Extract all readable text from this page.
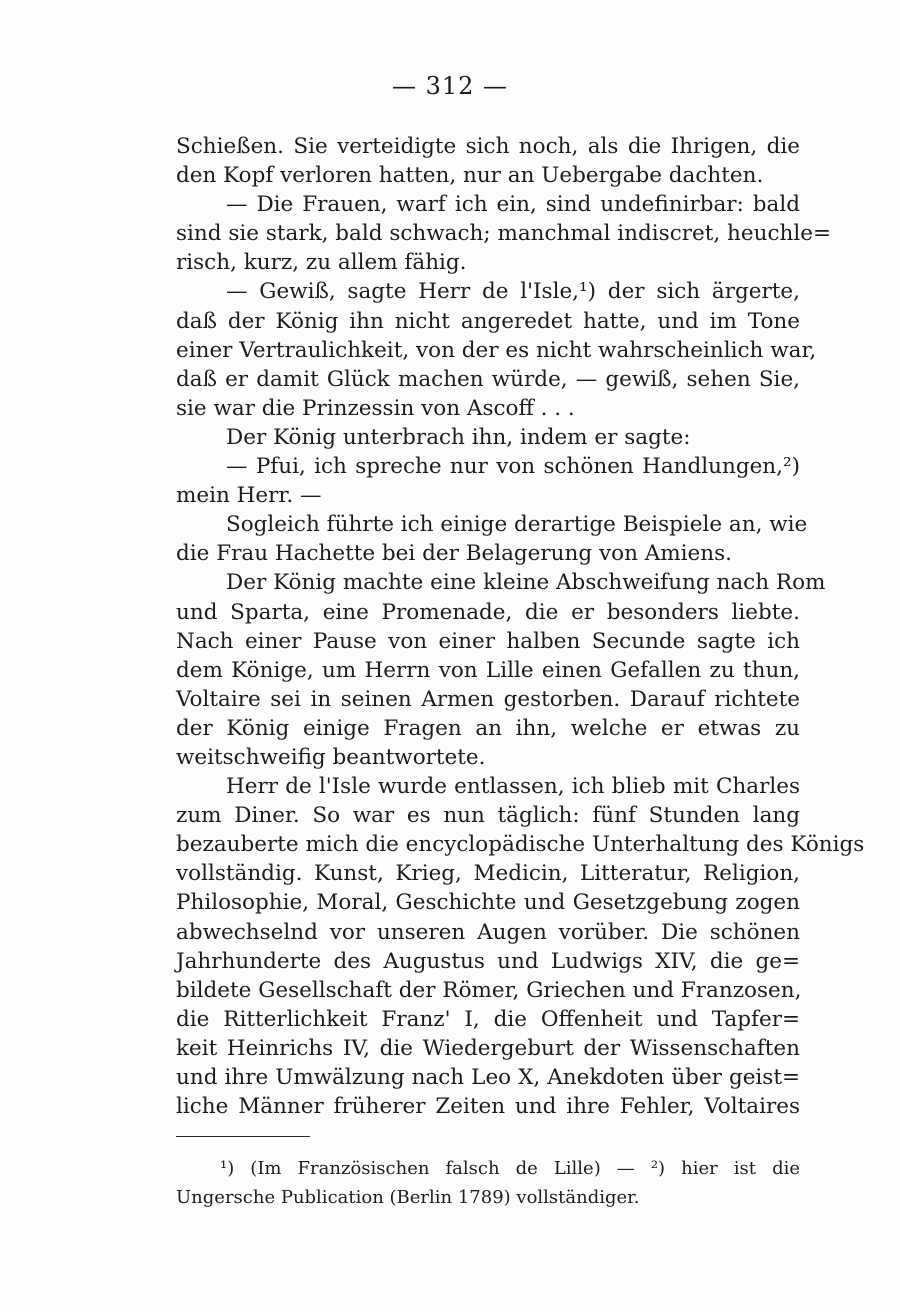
— 312 —
Schießen. Sie verteidigte sich noch, als die Ihrigen, die
den Kopf verloren hatten, nur an Uebergabe dachten.
— Die Frauen, warf ich ein, sind undefinirbar: bald
sind sie stark, bald schwach; manchmal indiscret, heuchle=
risch, kurz, zu allem fähig.
— Gewiß, sagte Herr de l'Isle,¹) der sich ärgerte,
daß der König ihn nicht angeredet hatte, und im Tone
einer Vertraulichkeit, von der es nicht wahrscheinlich war,
daß er damit Glück machen würde, — gewiß, sehen Sie,
sie war die Prinzessin von Ascoff . . .
Der König unterbrach ihn, indem er sagte:
— Pfui, ich spreche nur von schönen Handlungen,²)
mein Herr. —
Sogleich führte ich einige derartige Beispiele an, wie
die Frau Hachette bei der Belagerung von Amiens.
Der König machte eine kleine Abschweifung nach Rom
und Sparta, eine Promenade, die er besonders liebte.
Nach einer Pause von einer halben Secunde sagte ich
dem Könige, um Herrn von Lille einen Gefallen zu thun,
Voltaire sei in seinen Armen gestorben. Darauf richtete
der König einige Fragen an ihn, welche er etwas zu
weitschweifig beantwortete.
Herr de l'Isle wurde entlassen, ich blieb mit Charles
zum Diner. So war es nun täglich: fünf Stunden lang
bezauberte mich die encyclopädische Unterhaltung des Königs
vollständig. Kunst, Krieg, Medicin, Litteratur, Religion,
Philosophie, Moral, Geschichte und Gesetzgebung zogen
abwechselnd vor unseren Augen vorüber. Die schönen
Jahrhunderte des Augustus und Ludwigs XIV, die ge=
bildete Gesellschaft der Römer, Griechen und Franzosen,
die Ritterlichkeit Franz' I, die Offenheit und Tapfer=
keit Heinrichs IV, die Wiedergeburt der Wissenschaften
und ihre Umwälzung nach Leo X, Anekdoten über geist=
liche Männer früherer Zeiten und ihre Fehler, Voltaires
¹) (Im Französischen falsch de Lille) — ²) hier ist die
Ungersche Publication (Berlin 1789) vollständiger.
